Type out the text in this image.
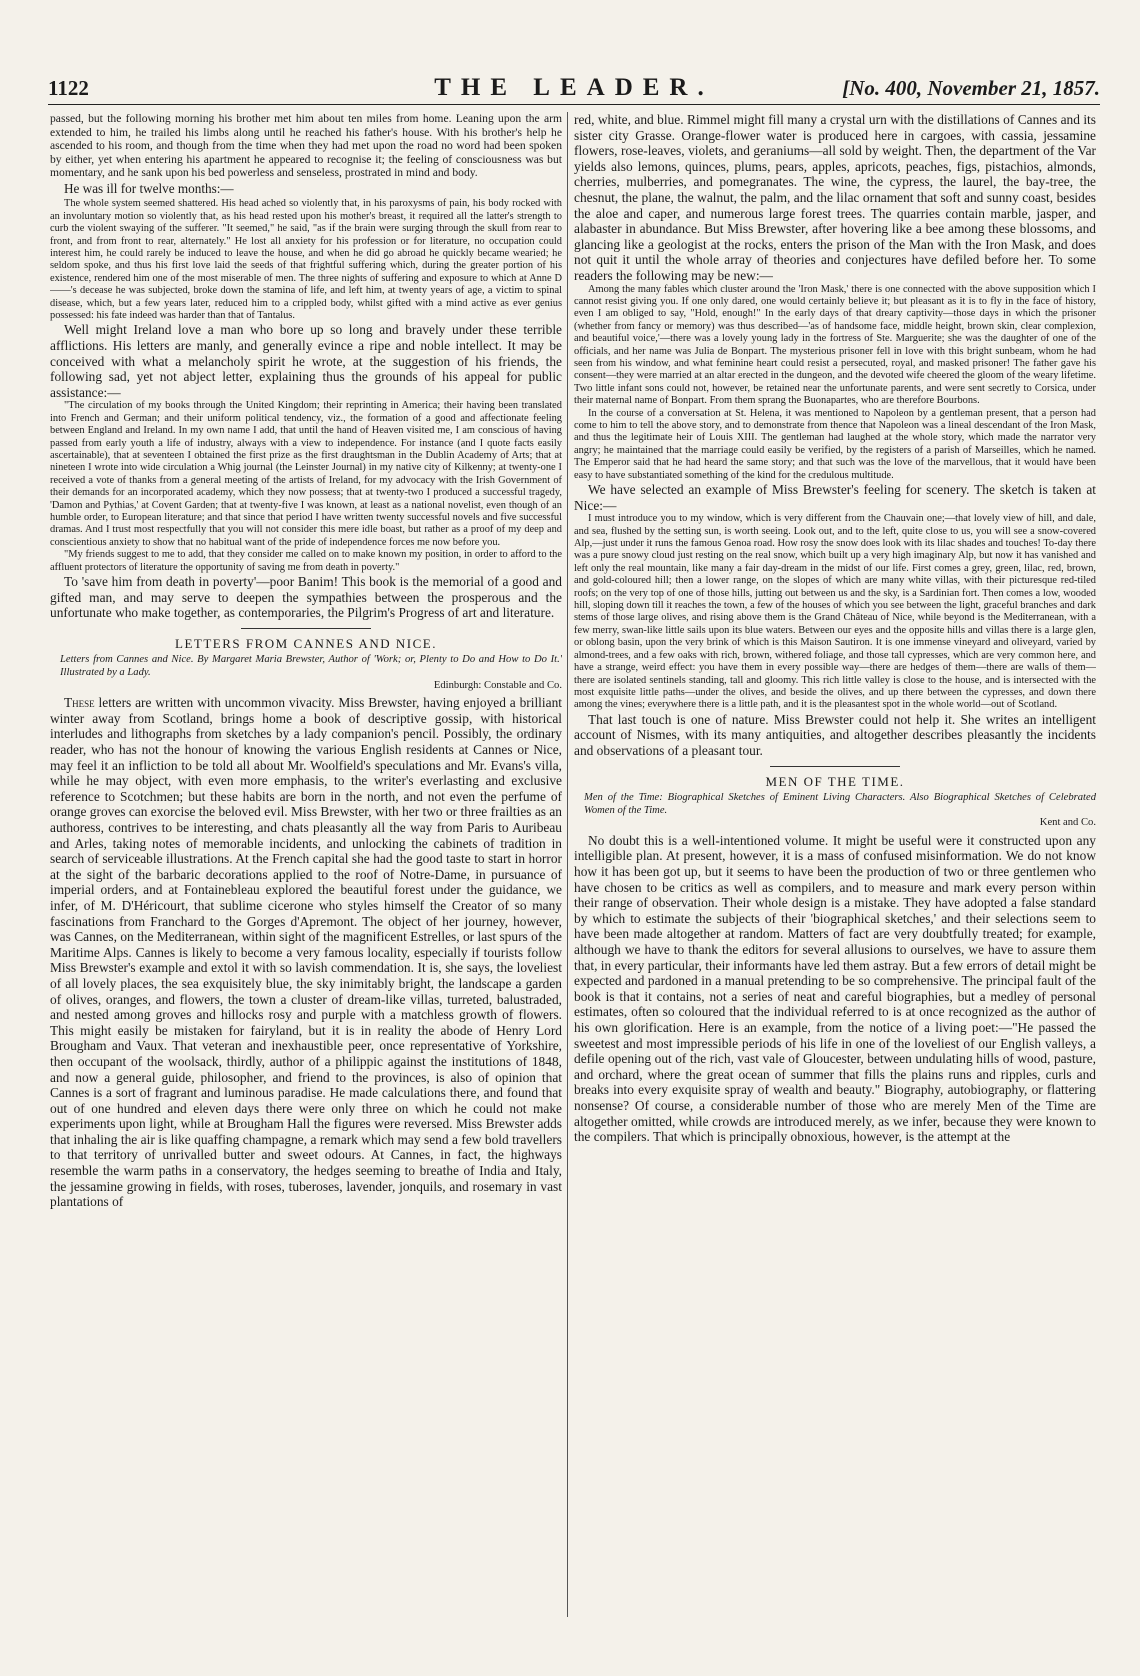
1122	THE LEADER.	[No. 400, November 21, 1857.

passed, but the following morning his brother met him about ten miles from home. Leaning upon the arm extended to him, he trailed his limbs along until he reached his father's house. With his brother's help he ascended to his room, and though from the time when they had met upon the road no word had been spoken by either, yet when entering his apartment he appeared to recognise it; the feeling of consciousness was but momentary, and he sank upon his bed powerless and senseless, prostrated in mind and body.

He was ill for twelve months:—

The whole system seemed shattered. His head ached so violently that, in his paroxysms of pain, his body rocked with an involuntary motion so violently that, as his head rested upon his mother's breast, it required all the latter's strength to curb the violent swaying of the sufferer. "It seemed," he said, "as if the brain were surging through the skull from rear to front, and from front to rear, alternately." He lost all anxiety for his profession or for literature, no occupation could interest him, he could rarely be induced to leave the house, and when he did go abroad he quickly became wearied; he seldom spoke, and thus his first love laid the seeds of that frightful suffering which, during the greater portion of his existence, rendered him one of the most miserable of men. The three nights of suffering and exposure to which at Anne D——'s decease he was subjected, broke down the stamina of life, and left him, at twenty years of age, a victim to spinal disease, which, but a few years later, reduced him to a crippled body, whilst gifted with a mind active as ever genius possessed: his fate indeed was harder than that of Tantalus.

Well might Ireland love a man who bore up so long and bravely under these terrible afflictions. His letters are manly, and generally evince a ripe and noble intellect. It may be conceived with what a melancholy spirit he wrote, at the suggestion of his friends, the following sad, yet not abject letter, explaining thus the grounds of his appeal for public assistance:—

"The circulation of my books through the United Kingdom; their reprinting in America; their having been translated into French and German; and their uniform political tendency, viz., the formation of a good and affectionate feeling between England and Ireland. In my own name I add, that until the hand of Heaven visited me, I am conscious of having passed from early youth a life of industry, always with a view to independence. For instance (and I quote facts easily ascertainable), that at seventeen I obtained the first prize as the first draughtsman in the Dublin Academy of Arts; that at nineteen I wrote into wide circulation a Whig journal (the Leinster Journal) in my native city of Kilkenny; at twenty-one I received a vote of thanks from a general meeting of the artists of Ireland, for my advocacy with the Irish Government of their demands for an incorporated academy, which they now possess; that at twenty-two I produced a successful tragedy, 'Damon and Pythias,' at Covent Garden; that at twenty-five I was known, at least as a national novelist, even though of an humble order, to European literature; and that since that period I have written twenty successful novels and five successful dramas. And I trust most respectfully that you will not consider this mere idle boast, but rather as a proof of my deep and conscientious anxiety to show that no habitual want of the pride of independence forces me now before you.

"My friends suggest to me to add, that they consider me called on to make known my position, in order to afford to the affluent protectors of literature the opportunity of saving me from death in poverty."

To 'save him from death in poverty'—poor Banim! This book is the memorial of a good and gifted man, and may serve to deepen the sympathies between the prosperous and the unfortunate who make together, as contemporaries, the Pilgrim's Progress of art and literature.

LETTERS FROM CANNES AND NICE.

Letters from Cannes and Nice. By Margaret Maria Brewster, Author of 'Work; or, Plenty to Do and How to Do It.' Illustrated by a Lady.

Edinburgh: Constable and Co.

These letters are written with uncommon vivacity. Miss Brewster, having enjoyed a brilliant winter away from Scotland, brings home a book of descriptive gossip, with historical interludes and lithographs from sketches by a lady companion's pencil. Possibly, the ordinary reader, who has not the honour of knowing the various English residents at Cannes or Nice, may feel it an infliction to be told all about Mr. Woolfield's speculations and Mr. Evans's villa, while he may object, with even more emphasis, to the writer's everlasting and exclusive reference to Scotchmen; but these habits are born in the north, and not even the perfume of orange groves can exorcise the beloved evil. Miss Brewster, with her two or three frailties as an authoress, contrives to be interesting, and chats pleasantly all the way from Paris to Auribeau and Arles, taking notes of memorable incidents, and unlocking the cabinets of tradition in search of serviceable illustrations. At the French capital she had the good taste to start in horror at the sight of the barbaric decorations applied to the roof of Notre-Dame, in pursuance of imperial orders, and at Fontainebleau explored the beautiful forest under the guidance, we infer, of M. D'Héricourt, that sublime cicerone who styles himself the Creator of so many fascinations from Franchard to the Gorges d'Apremont. The object of her journey, however, was Cannes, on the Mediterranean, within sight of the magnificent Estrelles, or last spurs of the Maritime Alps. Cannes is likely to become a very famous locality, especially if tourists follow Miss Brewster's example and extol it with so lavish commendation. It is, she says, the loveliest of all lovely places, the sea exquisitely blue, the sky inimitably bright, the landscape a garden of olives, oranges, and flowers, the town a cluster of dream-like villas, turreted, balustraded, and nested among groves and hillocks rosy and purple with a matchless growth of flowers. This might easily be mistaken for fairyland, but it is in reality the abode of Henry Lord Brougham and Vaux. That veteran and inexhaustible peer, once representative of Yorkshire, then occupant of the woolsack, thirdly, author of a philippic against the institutions of 1848, and now a general guide, philosopher, and friend to the provinces, is also of opinion that Cannes is a sort of fragrant and luminous paradise. He made calculations there, and found that out of one hundred and eleven days there were only three on which he could not make experiments upon light, while at Brougham Hall the figures were reversed. Miss Brewster adds that inhaling the air is like quaffing champagne, a remark which may send a few bold travellers to that territory of unrivalled butter and sweet odours. At Cannes, in fact, the highways resemble the warm paths in a conservatory, the hedges seeming to breathe of India and Italy, the jessamine growing in fields, with roses, tuberoses, lavender, jonquils, and rosemary in vast plantations of

red, white, and blue. Rimmel might fill many a crystal urn with the distillations of Cannes and its sister city Grasse. Orange-flower water is produced here in cargoes, with cassia, jessamine flowers, rose-leaves, violets, and geraniums—all sold by weight. Then, the department of the Var yields also lemons, quinces, plums, pears, apples, apricots, peaches, figs, pistachios, almonds, cherries, mulberries, and pomegranates. The wine, the cypress, the laurel, the bay-tree, the chesnut, the plane, the walnut, the palm, and the lilac ornament that soft and sunny coast, besides the aloe and caper, and numerous large forest trees. The quarries contain marble, jasper, and alabaster in abundance. But Miss Brewster, after hovering like a bee among these blossoms, and glancing like a geologist at the rocks, enters the prison of the Man with the Iron Mask, and does not quit it until the whole array of theories and conjectures have defiled before her. To some readers the following may be new:—

Among the many fables which cluster around the 'Iron Mask,' there is one connected with the above supposition which I cannot resist giving you. If one only dared, one would certainly believe it; but pleasant as it is to fly in the face of history, even I am obliged to say, "Hold, enough!" In the early days of that dreary captivity—those days in which the prisoner (whether from fancy or memory) was thus described—'as of handsome face, middle height, brown skin, clear complexion, and beautiful voice,'—there was a lovely young lady in the fortress of Ste. Marguerite; she was the daughter of one of the officials, and her name was Julia de Bonpart. The mysterious prisoner fell in love with this bright sunbeam, whom he had seen from his window, and what feminine heart could resist a persecuted, royal, and masked prisoner! The father gave his consent—they were married at an altar erected in the dungeon, and the devoted wife cheered the gloom of the weary lifetime. Two little infant sons could not, however, be retained near the unfortunate parents, and were sent secretly to Corsica, under their maternal name of Bonpart. From them sprang the Buonapartes, who are therefore Bourbons.

In the course of a conversation at St. Helena, it was mentioned to Napoleon by a gentleman present, that a person had come to him to tell the above story, and to demonstrate from thence that Napoleon was a lineal descendant of the Iron Mask, and thus the legitimate heir of Louis XIII. The gentleman had laughed at the whole story, which made the narrator very angry; he maintained that the marriage could easily be verified, by the registers of a parish of Marseilles, which he named. The Emperor said that he had heard the same story; and that such was the love of the marvellous, that it would have been easy to have substantiated something of the kind for the credulous multitude.

We have selected an example of Miss Brewster's feeling for scenery. The sketch is taken at Nice:—

I must introduce you to my window, which is very different from the Chauvain one;—that lovely view of hill, and dale, and sea, flushed by the setting sun, is worth seeing. Look out, and to the left, quite close to us, you will see a snow-covered Alp,—just under it runs the famous Genoa road. How rosy the snow does look with its lilac shades and touches! To-day there was a pure snowy cloud just resting on the real snow, which built up a very high imaginary Alp, but now it has vanished and left only the real mountain, like many a fair day-dream in the midst of our life. First comes a grey, green, lilac, red, brown, and gold-coloured hill; then a lower range, on the slopes of which are many white villas, with their picturesque red-tiled roofs; on the very top of one of those hills, jutting out between us and the sky, is a Sardinian fort. Then comes a low, wooded hill, sloping down till it reaches the town, a few of the houses of which you see between the light, graceful branches and dark stems of those large olives, and rising above them is the Grand Château of Nice, while beyond is the Mediterranean, with a few merry, swan-like little sails upon its blue waters. Between our eyes and the opposite hills and villas there is a large glen, or oblong basin, upon the very brink of which is this Maison Sautiron. It is one immense vineyard and oliveyard, varied by almond-trees, and a few oaks with rich, brown, withered foliage, and those tall cypresses, which are very common here, and have a strange, weird effect: you have them in every possible way—there are hedges of them—there are walls of them—there are isolated sentinels standing, tall and gloomy. This rich little valley is close to the house, and is intersected with the most exquisite little paths—under the olives, and beside the olives, and up there between the cypresses, and down there among the vines; everywhere there is a little path, and it is the pleasantest spot in the whole world—out of Scotland.

That last touch is one of nature. Miss Brewster could not help it. She writes an intelligent account of Nismes, with its many antiquities, and altogether describes pleasantly the incidents and observations of a pleasant tour.

MEN OF THE TIME.

Men of the Time: Biographical Sketches of Eminent Living Characters. Also Biographical Sketches of Celebrated Women of the Time.

Kent and Co.

No doubt this is a well-intentioned volume. It might be useful were it constructed upon any intelligible plan. At present, however, it is a mass of confused misinformation. We do not know how it has been got up, but it seems to have been the production of two or three gentlemen who have chosen to be critics as well as compilers, and to measure and mark every person within their range of observation. Their whole design is a mistake. They have adopted a false standard by which to estimate the subjects of their 'biographical sketches,' and their selections seem to have been made altogether at random. Matters of fact are very doubtfully treated; for example, although we have to thank the editors for several allusions to ourselves, we have to assure them that, in every particular, their informants have led them astray. But a few errors of detail might be expected and pardoned in a manual pretending to be so comprehensive. The principal fault of the book is that it contains, not a series of neat and careful biographies, but a medley of personal estimates, often so coloured that the individual referred to is at once recognized as the author of his own glorification. Here is an example, from the notice of a living poet:—"He passed the sweetest and most impressible periods of his life in one of the loveliest of our English valleys, a defile opening out of the rich, vast vale of Gloucester, between undulating hills of wood, pasture, and orchard, where the great ocean of summer that fills the plains runs and ripples, curls and breaks into every exquisite spray of wealth and beauty." Biography, autobiography, or flattering nonsense? Of course, a considerable number of those who are merely Men of the Time are altogether omitted, while crowds are introduced merely, as we infer, because they were known to the compilers. That which is principally obnoxious, however, is the attempt at the
